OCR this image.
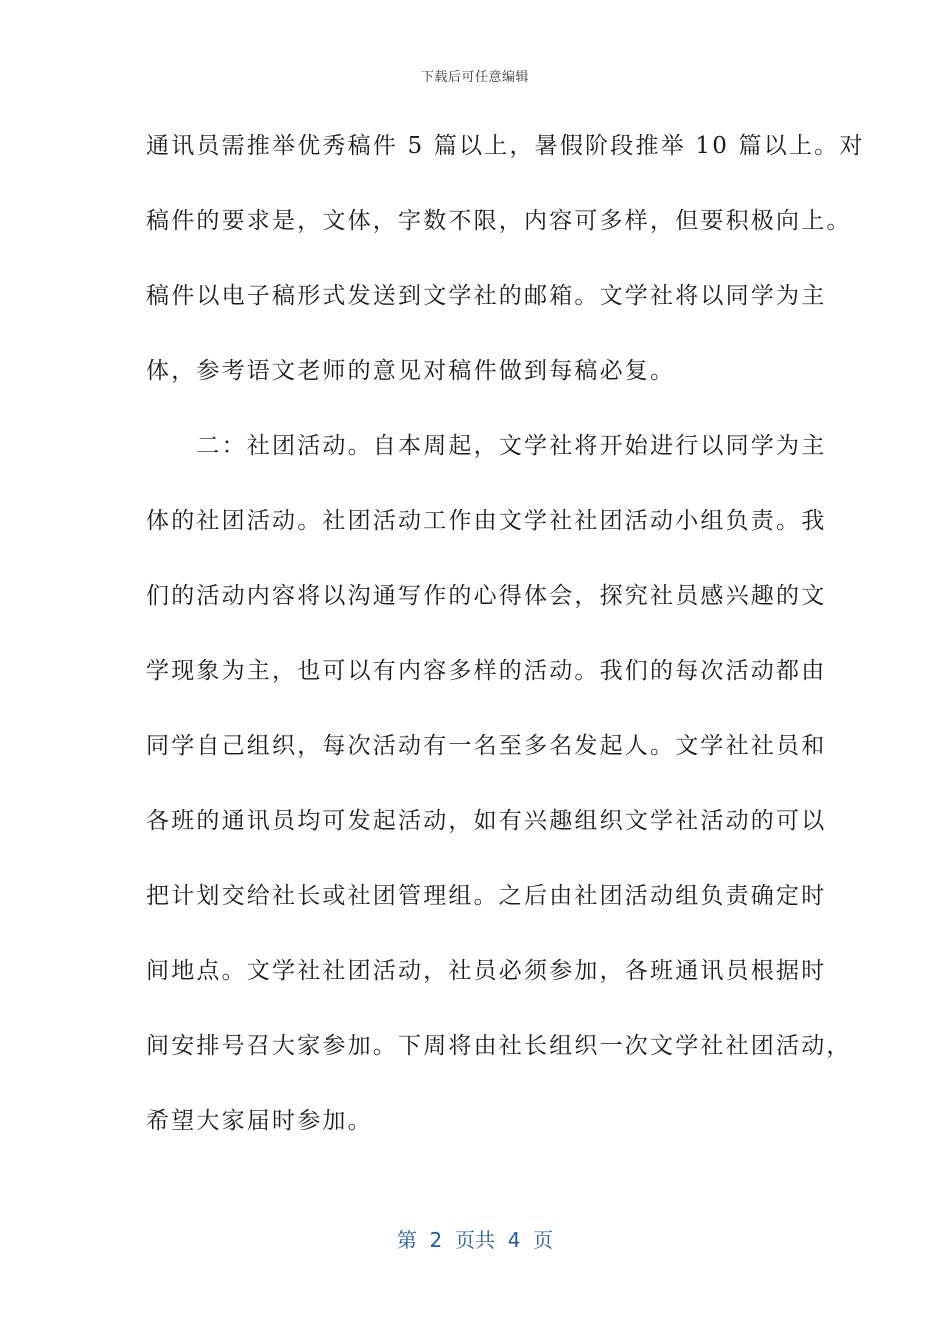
下载后可任意编辑
通讯员需推举优秀稿件 5 篇以上，暑假阶段推举 10 篇以上。对
稿件的要求是，文体，字数不限，内容可多样，但要积极向上。
稿件以电子稿形式发送到文学社的邮箱。文学社将以同学为主
体，参考语文老师的意见对稿件做到每稿必复。
　　二：社团活动。自本周起，文学社将开始进行以同学为主
体的社团活动。社团活动工作由文学社社团活动小组负责。我
们的活动内容将以沟通写作的心得体会，探究社员感兴趣的文
学现象为主，也可以有内容多样的活动。我们的每次活动都由
同学自己组织，每次活动有一名至多名发起人。文学社社员和
各班的通讯员均可发起活动，如有兴趣组织文学社活动的可以
把计划交给社长或社团管理组。之后由社团活动组负责确定时
间地点。文学社社团活动，社员必须参加，各班通讯员根据时
间安排号召大家参加。下周将由社长组织一次文学社社团活动，
希望大家届时参加。
第 2 页共 4 页
